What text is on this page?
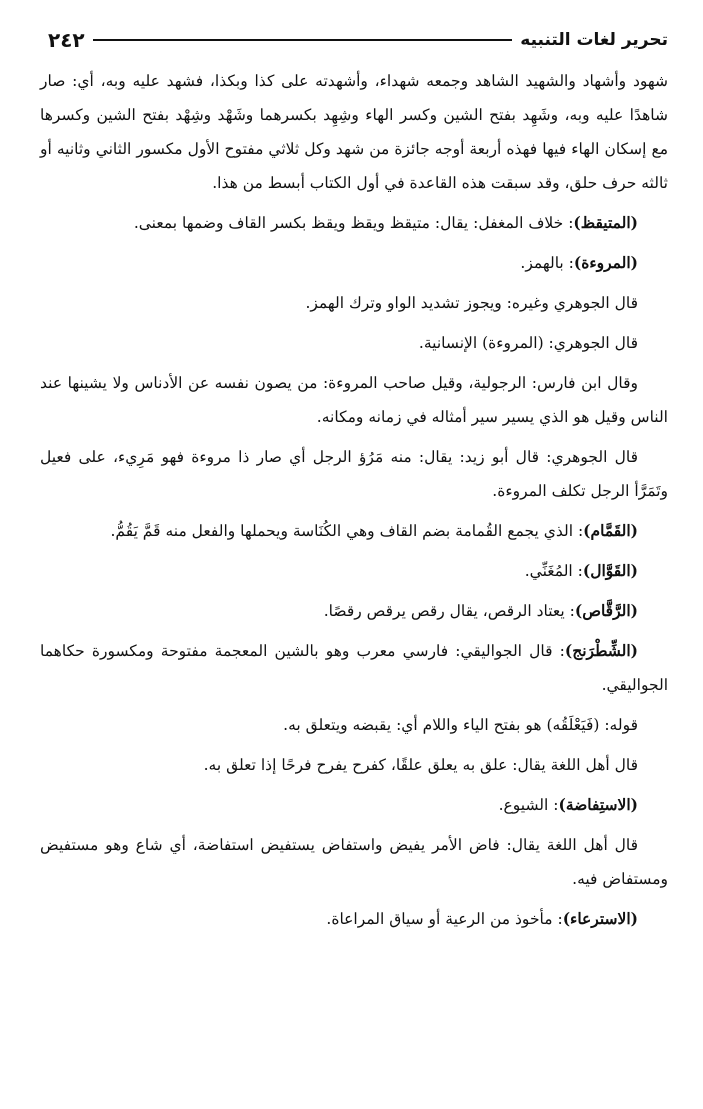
تحرير لغات التنبيه
٢٤٢

شهود وأشهاد والشهيد الشاهد وجمعه شهداء، وأشهدته على كذا وبكذا، فشهد عليه وبه، أي: صار شاهدًا عليه وبه، وشَهِد بفتح الشين وكسر الهاء وشِهِد بكسرهما وشَهْد وشِهْد بفتح الشين وكسرها مع إسكان الهاء فيها فهذه أربعة أوجه جائزة من شهد وكل ثلاثي مفتوح الأول مكسور الثاني وثانيه أو ثالثه حرف حلق، وقد سبقت هذه القاعدة في أول الكتاب أبسط من هذا.

(المتيقظ): خلاف المغفل: يقال: متيقظ ويقظ ويقظ بكسر القاف وضمها بمعنى.

(المروءة): بالهمز.

قال الجوهري وغيره: ويجوز تشديد الواو وترك الهمز.

قال الجوهري: (المروءة) الإنسانية.

وقال ابن فارس: الرجولية، وقيل صاحب المروءة: من يصون نفسه عن الأدناس ولا يشينها عند الناس وقيل هو الذي يسير سير أمثاله في زمانه ومكانه.

قال الجوهري: قال أبو زيد: يقال: منه مَرُؤ الرجل أي صار ذا مروءة فهو مَرِيء، على فعيل وتَمَرَّأ الرجل تكلف المروءة.

(القَمَّام): الذي يجمع القُمامة بضم القاف وهي الكُنَاسة ويحملها والفعل منه قَمَّ يَقُمُّ.

(القَوَّال): المُغَنِّي.

(الرَّقَّاص): يعتاد الرقص، يقال رقص يرقص رقصًا.

(الشِّطْرَنج): قال الجواليقي: فارسي معرب وهو بالشين المعجمة مفتوحة ومكسورة حكاهما الجواليقي.

قوله: (فَيَعْلَقُه) هو بفتح الياء واللام أي: يقبضه ويتعلق به.

قال أهل اللغة يقال: علق به يعلق علقًا، كفرح يفرح فرحًا إذا تعلق به.

(الاستِفاضة): الشيوع.

قال أهل اللغة يقال: فاض الأمر يفيض واستفاض يستفيض استفاضة، أي شاع وهو مستفيض ومستفاض فيه.

(الاسترعاء): مأخوذ من الرعية أو سياق المراعاة.
